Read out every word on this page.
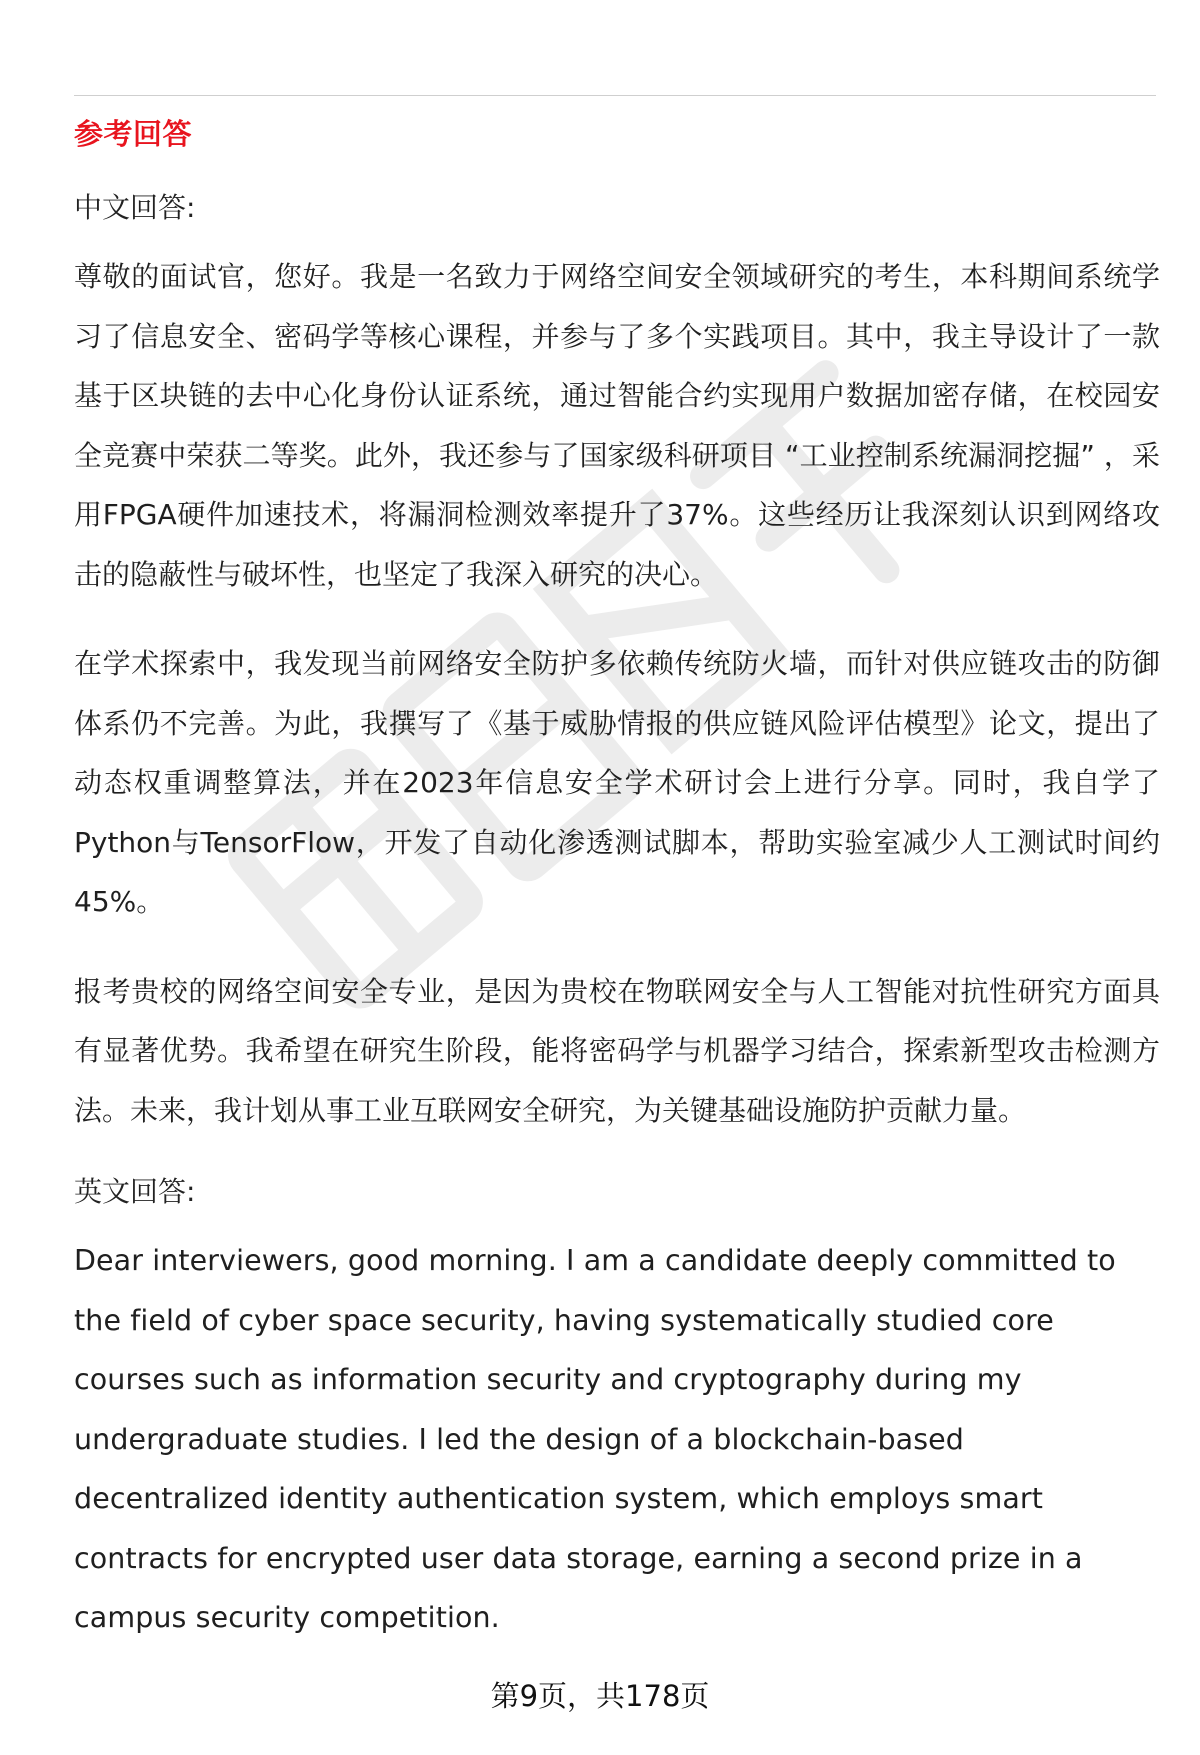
参考回答
中文回答:

尊敬的面试官，您好。我是一名致力于网络空间安全领域研究的考生，本科期间系统学习了信息安全、密码学等核心课程，并参与了多个实践项目。其中，我主导设计了一款基于区块链的去中心化身份认证系统，通过智能合约实现用户数据加密存储，在校园安全竞赛中荣获二等奖。此外，我还参与了国家级科研项目 “工业控制系统漏洞挖掘” ，采用FPGA硬件加速技术，将漏洞检测效率提升了37%。这些经历让我深刻认识到网络攻击的隐蔽性与破坏性，也坚定了我深入研究的决心。

在学术探索中，我发现当前网络安全防护多依赖传统防火墙，而针对供应链攻击的防御体系仍不完善。为此，我撰写了《基于威胁情报的供应链风险评估模型》论文，提出了动态权重调整算法，并在2023年信息安全学术研讨会上进行分享。同时，我自学了Python与TensorFlow，开发了自动化渗透测试脚本，帮助实验室减少人工测试时间约45%。

报考贵校的网络空间安全专业，是因为贵校在物联网安全与人工智能对抗性研究方面具有显著优势。我希望在研究生阶段，能将密码学与机器学习结合，探索新型攻击检测方法。未来，我计划从事工业互联网安全研究，为关键基础设施防护贡献力量。

英文回答:

Dear interviewers, good morning. I am a candidate deeply committed to the field of cyber space security, having systematically studied core courses such as information security and cryptography during my undergraduate studies. I led the design of a blockchain-based decentralized identity authentication system, which employs smart contracts for encrypted user data storage, earning a second prize in a campus security competition.

第9页，共178页
